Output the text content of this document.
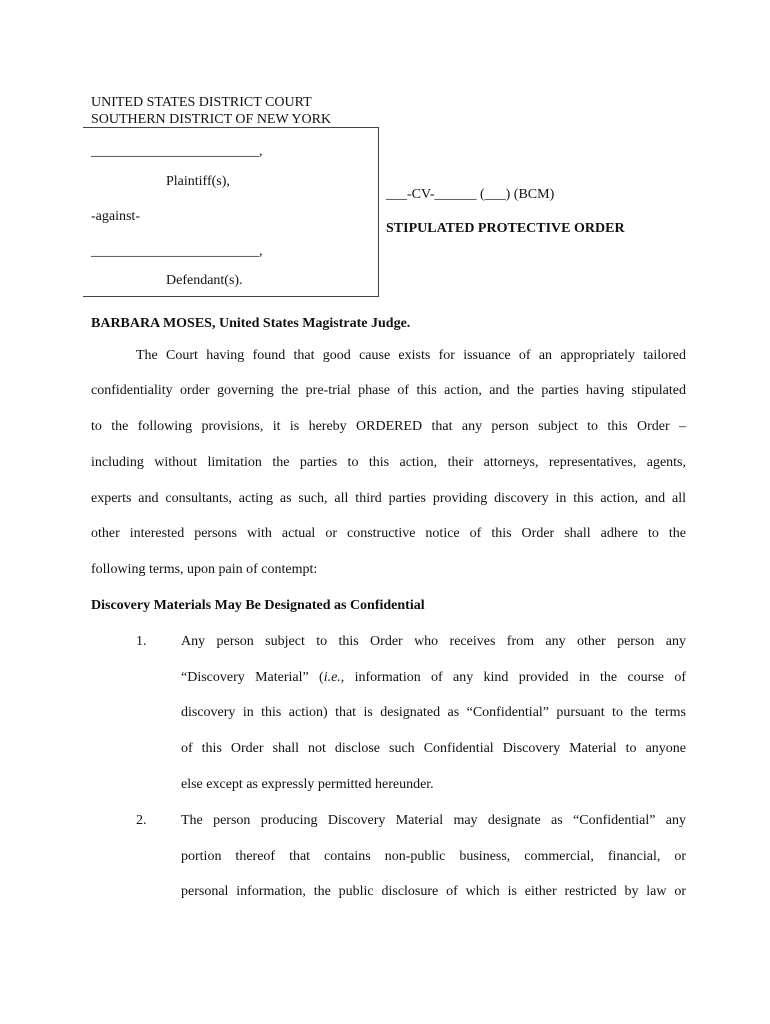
UNITED STATES DISTRICT COURT
SOUTHERN DISTRICT OF NEW YORK
________________________,
Plaintiff(s),
-against-
________________________,
Defendant(s).
___-CV-______ (___) (BCM)
STIPULATED PROTECTIVE ORDER
BARBARA MOSES, United States Magistrate Judge.
The Court having found that good cause exists for issuance of an appropriately tailored
confidentiality order governing the pre-trial phase of this action, and the parties having stipulated
to the following provisions, it is hereby ORDERED that any person subject to this Order –
including without limitation the parties to this action, their attorneys, representatives, agents,
experts and consultants, acting as such, all third parties providing discovery in this action, and all
other interested persons with actual or constructive notice of this Order shall adhere to the
following terms, upon pain of contempt:
Discovery Materials May Be Designated as Confidential
1. Any person subject to this Order who receives from any other person any
“Discovery Material” (i.e., information of any kind provided in the course of
discovery in this action) that is designated as “Confidential” pursuant to the terms
of this Order shall not disclose such Confidential Discovery Material to anyone
else except as expressly permitted hereunder.
2. The person producing Discovery Material may designate as “Confidential” any
portion thereof that contains non-public business, commercial, financial, or
personal information, the public disclosure of which is either restricted by law or
